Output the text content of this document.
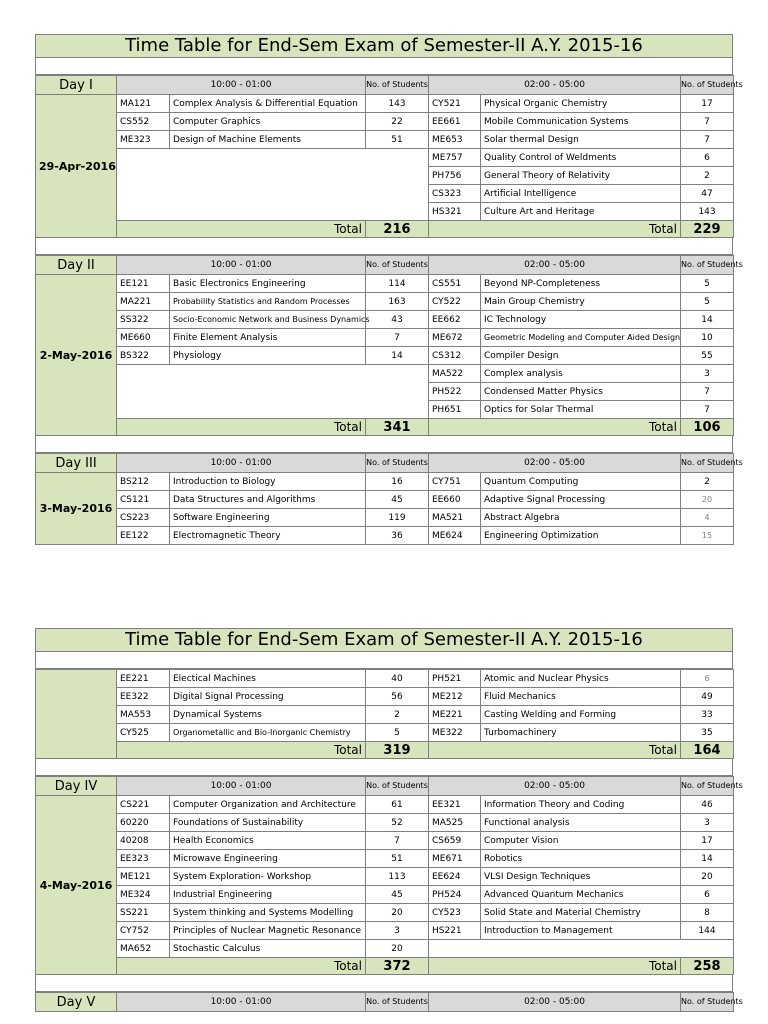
Time Table for End-Sem Exam of Semester-II A.Y. 2015-16
Day I	10:00 - 01:00		No. of Students	02:00 - 05:00		No. of Students
29-Apr-2016	MA121	Complex Analysis & Differential Equation	143	CY521	Physical Organic Chemistry	17
	CS552	Computer Graphics	22	EE661	Mobile Communication Systems	7
	ME323	Design of Machine Elements	51	ME653	Solar thermal Design	7
				ME757	Quality Control of Weldments	6
				PH756	General Theory of Relativity	2
				CS323	Artificial Intelligence	47
				HS321	Culture Art and Heritage	143
	Total		216	Total		229
Day II	10:00 - 01:00		No. of Students	02:00 - 05:00		No. of Students
2-May-2016	EE121	Basic Electronics Engineering	114	CS551	Beyond NP-Completeness	5
	MA221	Probability Statistics and Random Processes	163	CY522	Main Group Chemistry	5
	SS322	Socio-Economic Network and Business Dynamics	43	EE662	IC Technology	14
	ME660	Finite Element Analysis	7	ME672	Geometric Modeling and Computer Aided Design	10
	BS322	Physiology	14	CS312	Compiler Design	55
				MA522	Complex analysis	3
				PH522	Condensed Matter Physics	7
				PH651	Optics for Solar Thermal	7
	Total		341	Total		106
Day III	10:00 - 01:00		No. of Students	02:00 - 05:00		No. of Students
3-May-2016	BS212	Introduction to Biology	16	CY751	Quantum Computing	2
	CS121	Data Structures and Algorithms	45	EE660	Adaptive Signal Processing	20
	CS223	Software Engineering	119	MA521	Abstract Algebra	4
	EE122	Electromagnetic Theory	36	ME624	Engineering Optimization	15
Time Table for End-Sem Exam of Semester-II A.Y. 2015-16
	EE221	Electical Machines	40	PH521	Atomic and Nuclear Physics	6
	EE322	Digital Signal Processing	56	ME212	Fluid Mechanics	49
	MA553	Dynamical Systems	2	ME221	Casting Welding and Forming	33
	CY525	Organometallic and Bio-Inorganic Chemistry	5	ME322	Turbomachinery	35
	Total		319	Total		164
Day IV	10:00 - 01:00		No. of Students	02:00 - 05:00		No. of Students
4-May-2016	CS221	Computer Organization and Architecture	61	EE321	Information Theory and Coding	46
	60220	Foundations of Sustainability	52	MA525	Functional analysis	3
	40208	Health Economics	7	CS659	Computer Vision	17
	EE323	Microwave Engineering	51	ME671	Robotics	14
	ME121	System Exploration- Workshop	113	EE624	VLSI Design Techniques	20
	ME324	Industrial Engineering	45	PH524	Advanced Quantum Mechanics	6
	SS221	System thinking and Systems Modelling	20	CY523	Solid State and Material Chemistry	8
	CY752	Principles of Nuclear Magnetic Resonance	3	HS221	Introduction to Management	144
	MA652	Stochastic Calculus	20			
	Total		372	Total		258
Day V	10:00 - 01:00	No. of Students	02:00 - 05:00	No. of Students
